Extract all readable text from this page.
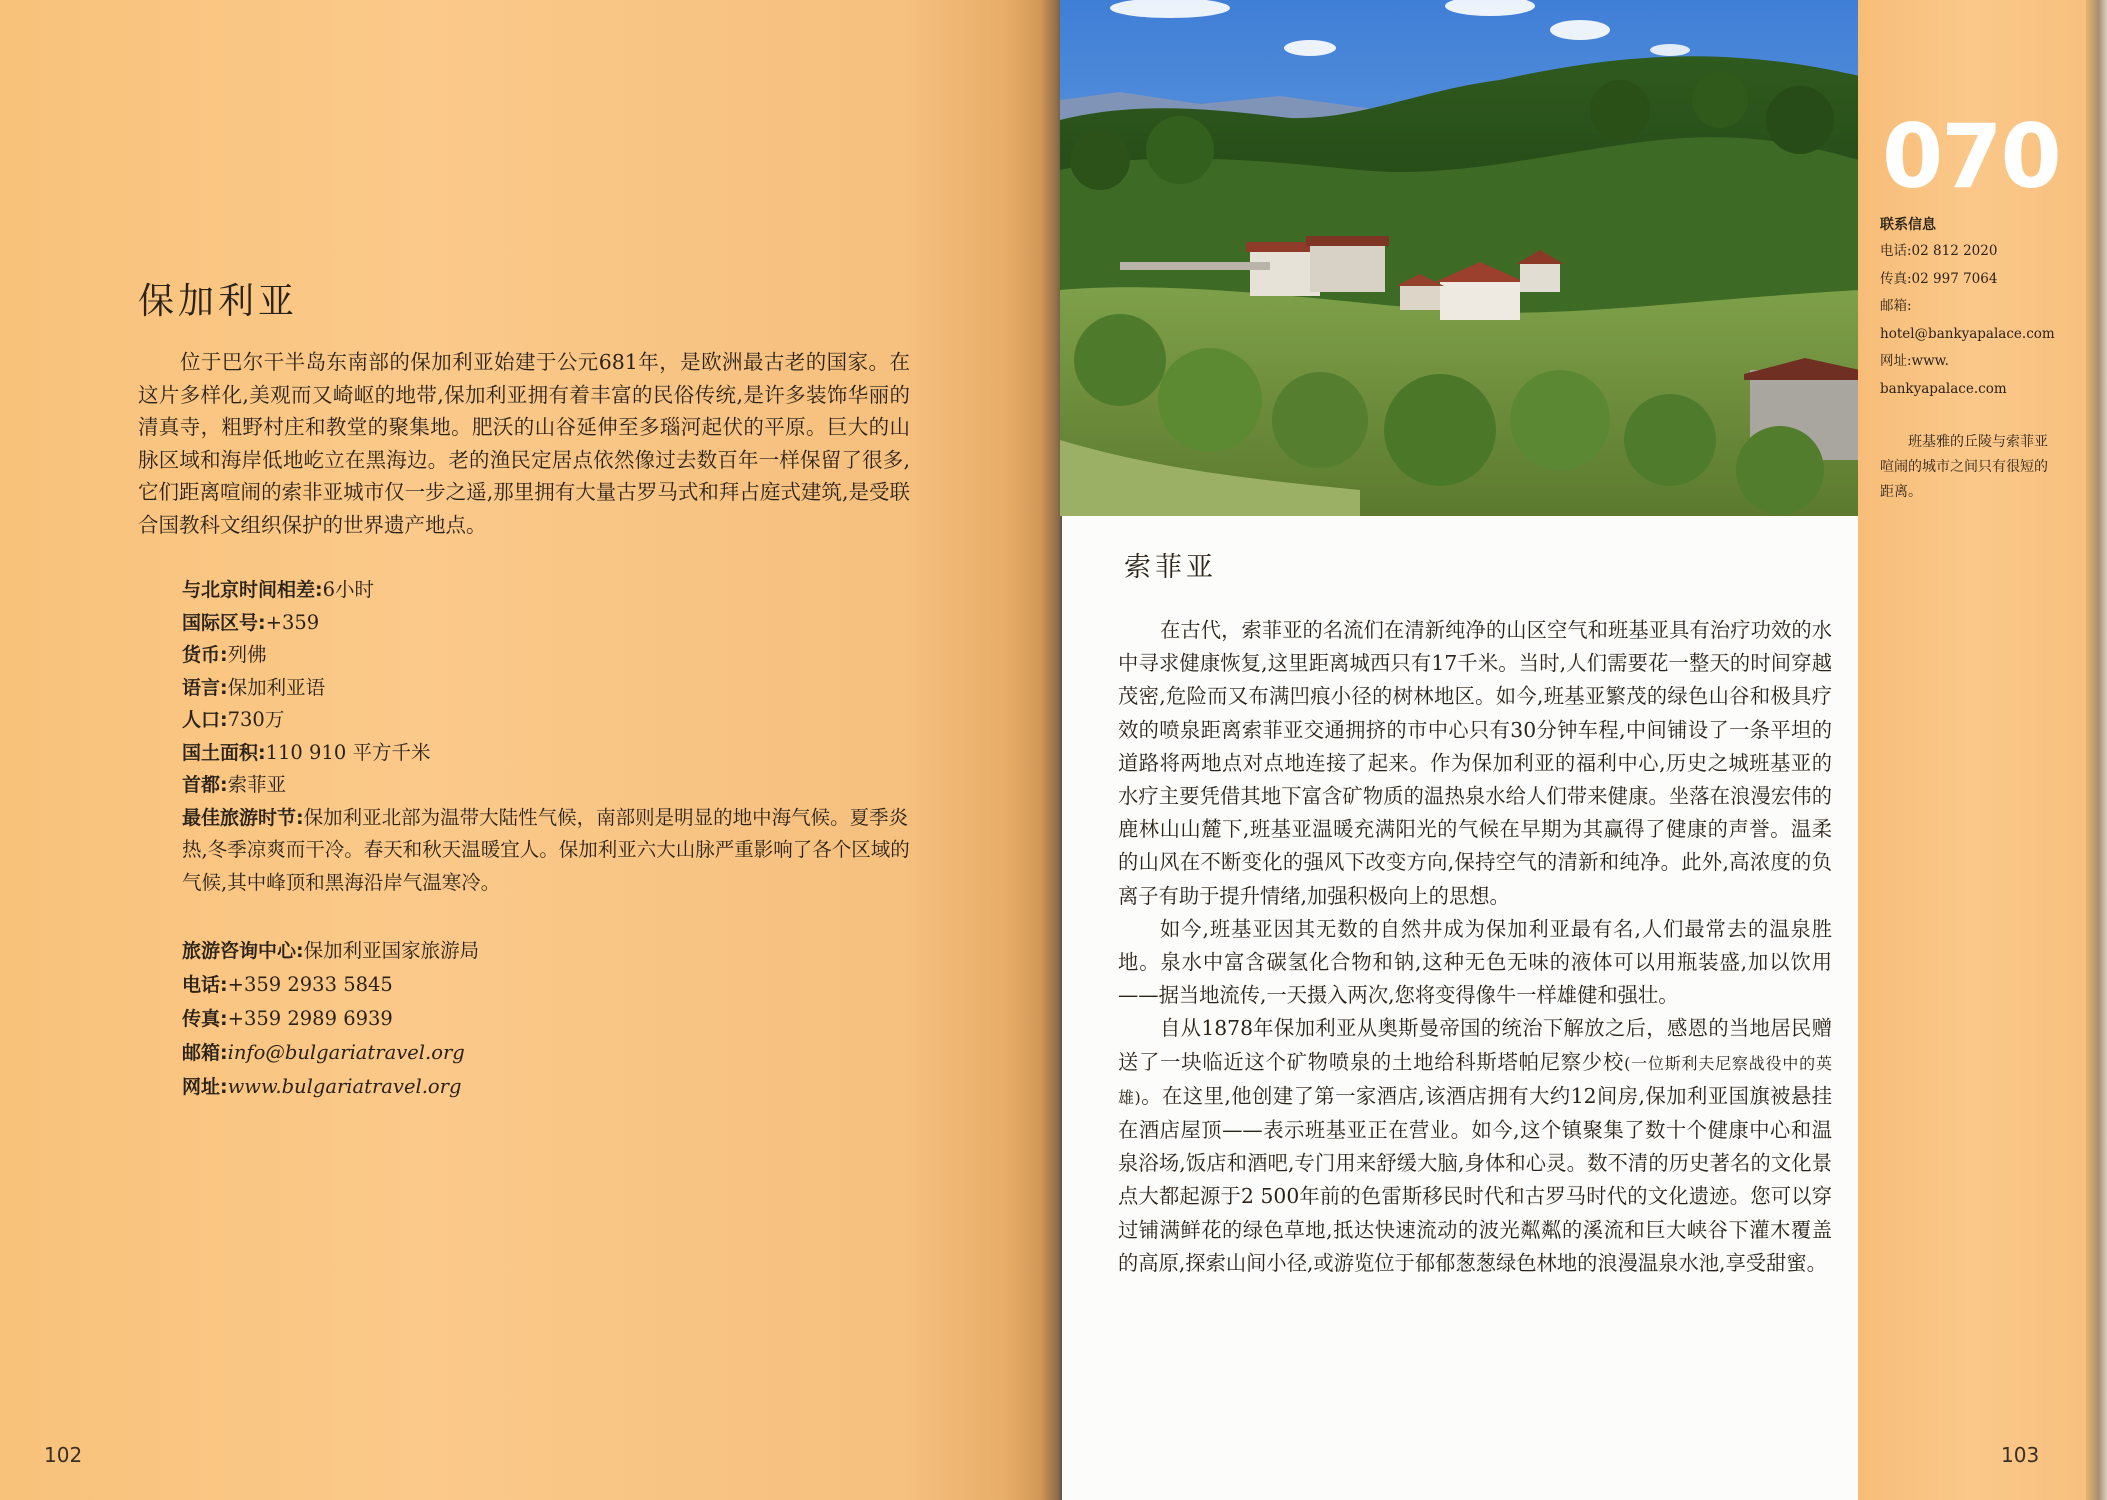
保加利亚
位于巴尔干半岛东南部的保加利亚始建于公元681年，是欧洲最古老的国家。在这片多样化,美观而又崎岖的地带,保加利亚拥有着丰富的民俗传统,是许多装饰华丽的清真寺，粗野村庄和教堂的聚集地。肥沃的山谷延伸至多瑙河起伏的平原。巨大的山脉区域和海岸低地屹立在黑海边。老的渔民定居点依然像过去数百年一样保留了很多,它们距离喧闹的索非亚城市仅一步之遥,那里拥有大量古罗马式和拜占庭式建筑,是受联合国教科文组织保护的世界遗产地点。
与北京时间相差:6小时
国际区号:+359
货币:列佛
语言:保加利亚语
人口:730万
国土面积:110 910 平方千米
首都:索菲亚
最佳旅游时节:保加利亚北部为温带大陆性气候，南部则是明显的地中海气候。夏季炎热,冬季凉爽而干冷。春天和秋天温暖宜人。保加利亚六大山脉严重影响了各个区域的气候,其中峰顶和黑海沿岸气温寒冷。
旅游咨询中心:保加利亚国家旅游局
电话:+359 2933 5845
传真:+359 2989 6939
邮箱:info@bulgariatravel.org
网址:www.bulgariatravel.org
102
070
联系信息
电话:02 812 2020
传真:02 997 7064
邮箱:
hotel@bankyapalace.com
网址:www.
bankyapalace.com
班基雅的丘陵与索菲亚喧闹的城市之间只有很短的距离。
索菲亚

在古代，索菲亚的名流们在清新纯净的山区空气和班基亚具有治疗功效的水中寻求健康恢复,这里距离城西只有17千米。当时,人们需要花一整天的时间穿越茂密,危险而又布满凹痕小径的树林地区。如今,班基亚繁茂的绿色山谷和极具疗效的喷泉距离索菲亚交通拥挤的市中心只有30分钟车程,中间铺设了一条平坦的道路将两地点对点地连接了起来。作为保加利亚的福利中心,历史之城班基亚的水疗主要凭借其地下富含矿物质的温热泉水给人们带来健康。坐落在浪漫宏伟的鹿林山山麓下,班基亚温暖充满阳光的气候在早期为其赢得了健康的声誉。温柔的山风在不断变化的强风下改变方向,保持空气的清新和纯净。此外,高浓度的负离子有助于提升情绪,加强积极向上的思想。

如今,班基亚因其无数的自然井成为保加利亚最有名,人们最常去的温泉胜地。泉水中富含碳氢化合物和钠,这种无色无味的液体可以用瓶装盛,加以饮用——据当地流传,一天摄入两次,您将变得像牛一样雄健和强壮。

自从1878年保加利亚从奥斯曼帝国的统治下解放之后，感恩的当地居民赠送了一块临近这个矿物喷泉的土地给科斯塔帕尼察少校(一位斯利夫尼察战役中的英雄)。在这里,他创建了第一家酒店,该酒店拥有大约12间房,保加利亚国旗被悬挂在酒店屋顶——表示班基亚正在营业。如今,这个镇聚集了数十个健康中心和温泉浴场,饭店和酒吧,专门用来舒缓大脑,身体和心灵。数不清的历史著名的文化景点大都起源于2 500年前的色雷斯移民时代和古罗马时代的文化遗迹。您可以穿过铺满鲜花的绿色草地,抵达快速流动的波光粼粼的溪流和巨大峡谷下灌木覆盖的高原,探索山间小径,或游览位于郁郁葱葱绿色林地的浪漫温泉水池,享受甜蜜。

103
